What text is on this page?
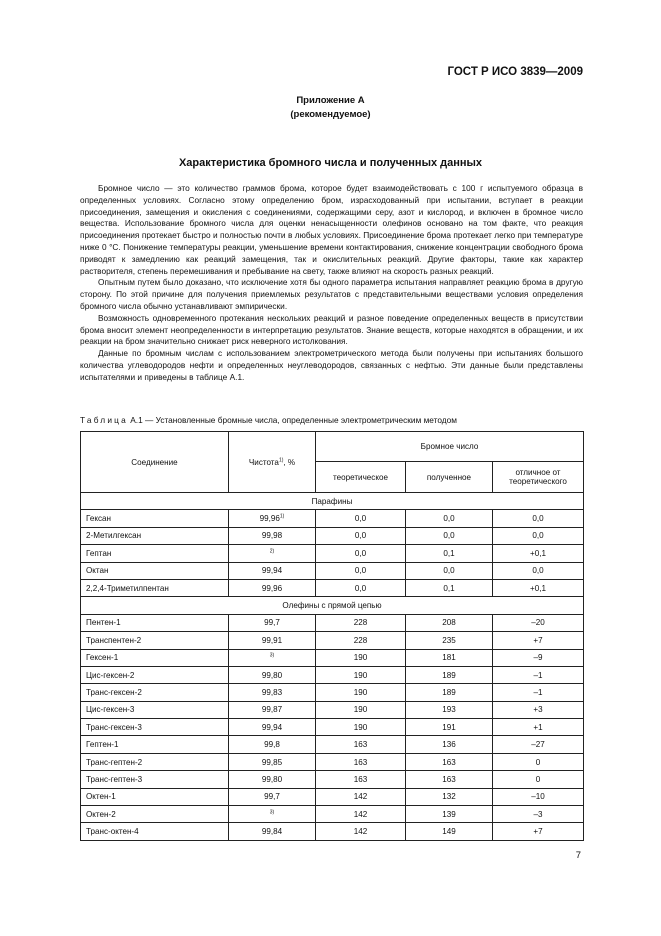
ГОСТ Р ИСО 3839—2009
Приложение А
(рекомендуемое)
Характеристика бромного числа и полученных данных

Бромное число — это количество граммов брома, которое будет взаимодействовать с 100 г испытуемого образца в определенных условиях. Согласно этому определению бром, израсходованный при испытании, вступает в реакции присоединения, замещения и окисления с соединениями, содержащими серу, азот и кислород, и включен в бромное число вещества. Использование бромного числа для оценки ненасыщенности олефинов основано на том факте, что реакция присоединения протекает быстро и полностью почти в любых условиях. Присоединение брома протекает легко при температуре ниже 0 °С. Понижение температуры реакции, уменьшение времени контактирования, снижение концентрации свободного брома приводят к замедлению как реакций замещения, так и окислительных реакций. Другие факторы, такие как характер растворителя, степень перемешивания и пребывание на свету, также влияют на скорость разных реакций.

Опытным путем было доказано, что исключение хотя бы одного параметра испытания направляет реакцию брома в другую сторону. По этой причине для получения приемлемых результатов с представительными веществами условия определения бромного числа обычно устанавливают эмпирически.

Возможность одновременного протекания нескольких реакций и разное поведение определенных веществ в присутствии брома вносит элемент неопределенности в интерпретацию результатов. Знание веществ, которые находятся в обращении, и их реакции на бром значительно снижает риск неверного истолкования.

Данные по бромным числам с использованием электрометрического метода были получены при испытаниях большого количества углеводородов нефти и определенных неуглеводородов, связанных с нефтью. Эти данные были представлены испытателями и приведены в таблице А.1.

Таблица А.1 — Установленные бромные числа, определенные электрометрическим методом
Соединение	Чистота$^{1)}$, %	Бромное число		
		теоретическое	полученное	отличное от теоретического
Парафины				
Гексан	99,96$^{1)}$	0,0	0,0	0,0
2-Метилгексан	99,98	0,0	0,0	0,0
Гептан	$^{2)}$	0,0	0,1	+0,1
Октан	99,94	0,0	0,0	0,0
2,2,4-Триметилпентан	99,96	0,0	0,1	+0,1
Олефины с прямой цепью				
Пентен-1	99,7	228	208	–20
Транспентен-2	99,91	228	235	+7
Гексен-1	$^{3)}$	190	181	–9
Цис-гексен-2	99,80	190	189	–1
Транс-гексен-2	99,83	190	189	–1
Цис-гексен-3	99,87	190	193	+3
Транс-гексен-3	99,94	190	191	+1
Гептен-1	99,8	163	136	–27
Транс-гептен-2	99,85	163	163	0
Транс-гептен-3	99,80	163	163	0
Октен-1	99,7	142	132	–10
Октен-2	$^{3)}$	142	139	–3
Транс-октен-4	99,84	142	149	+7
7
